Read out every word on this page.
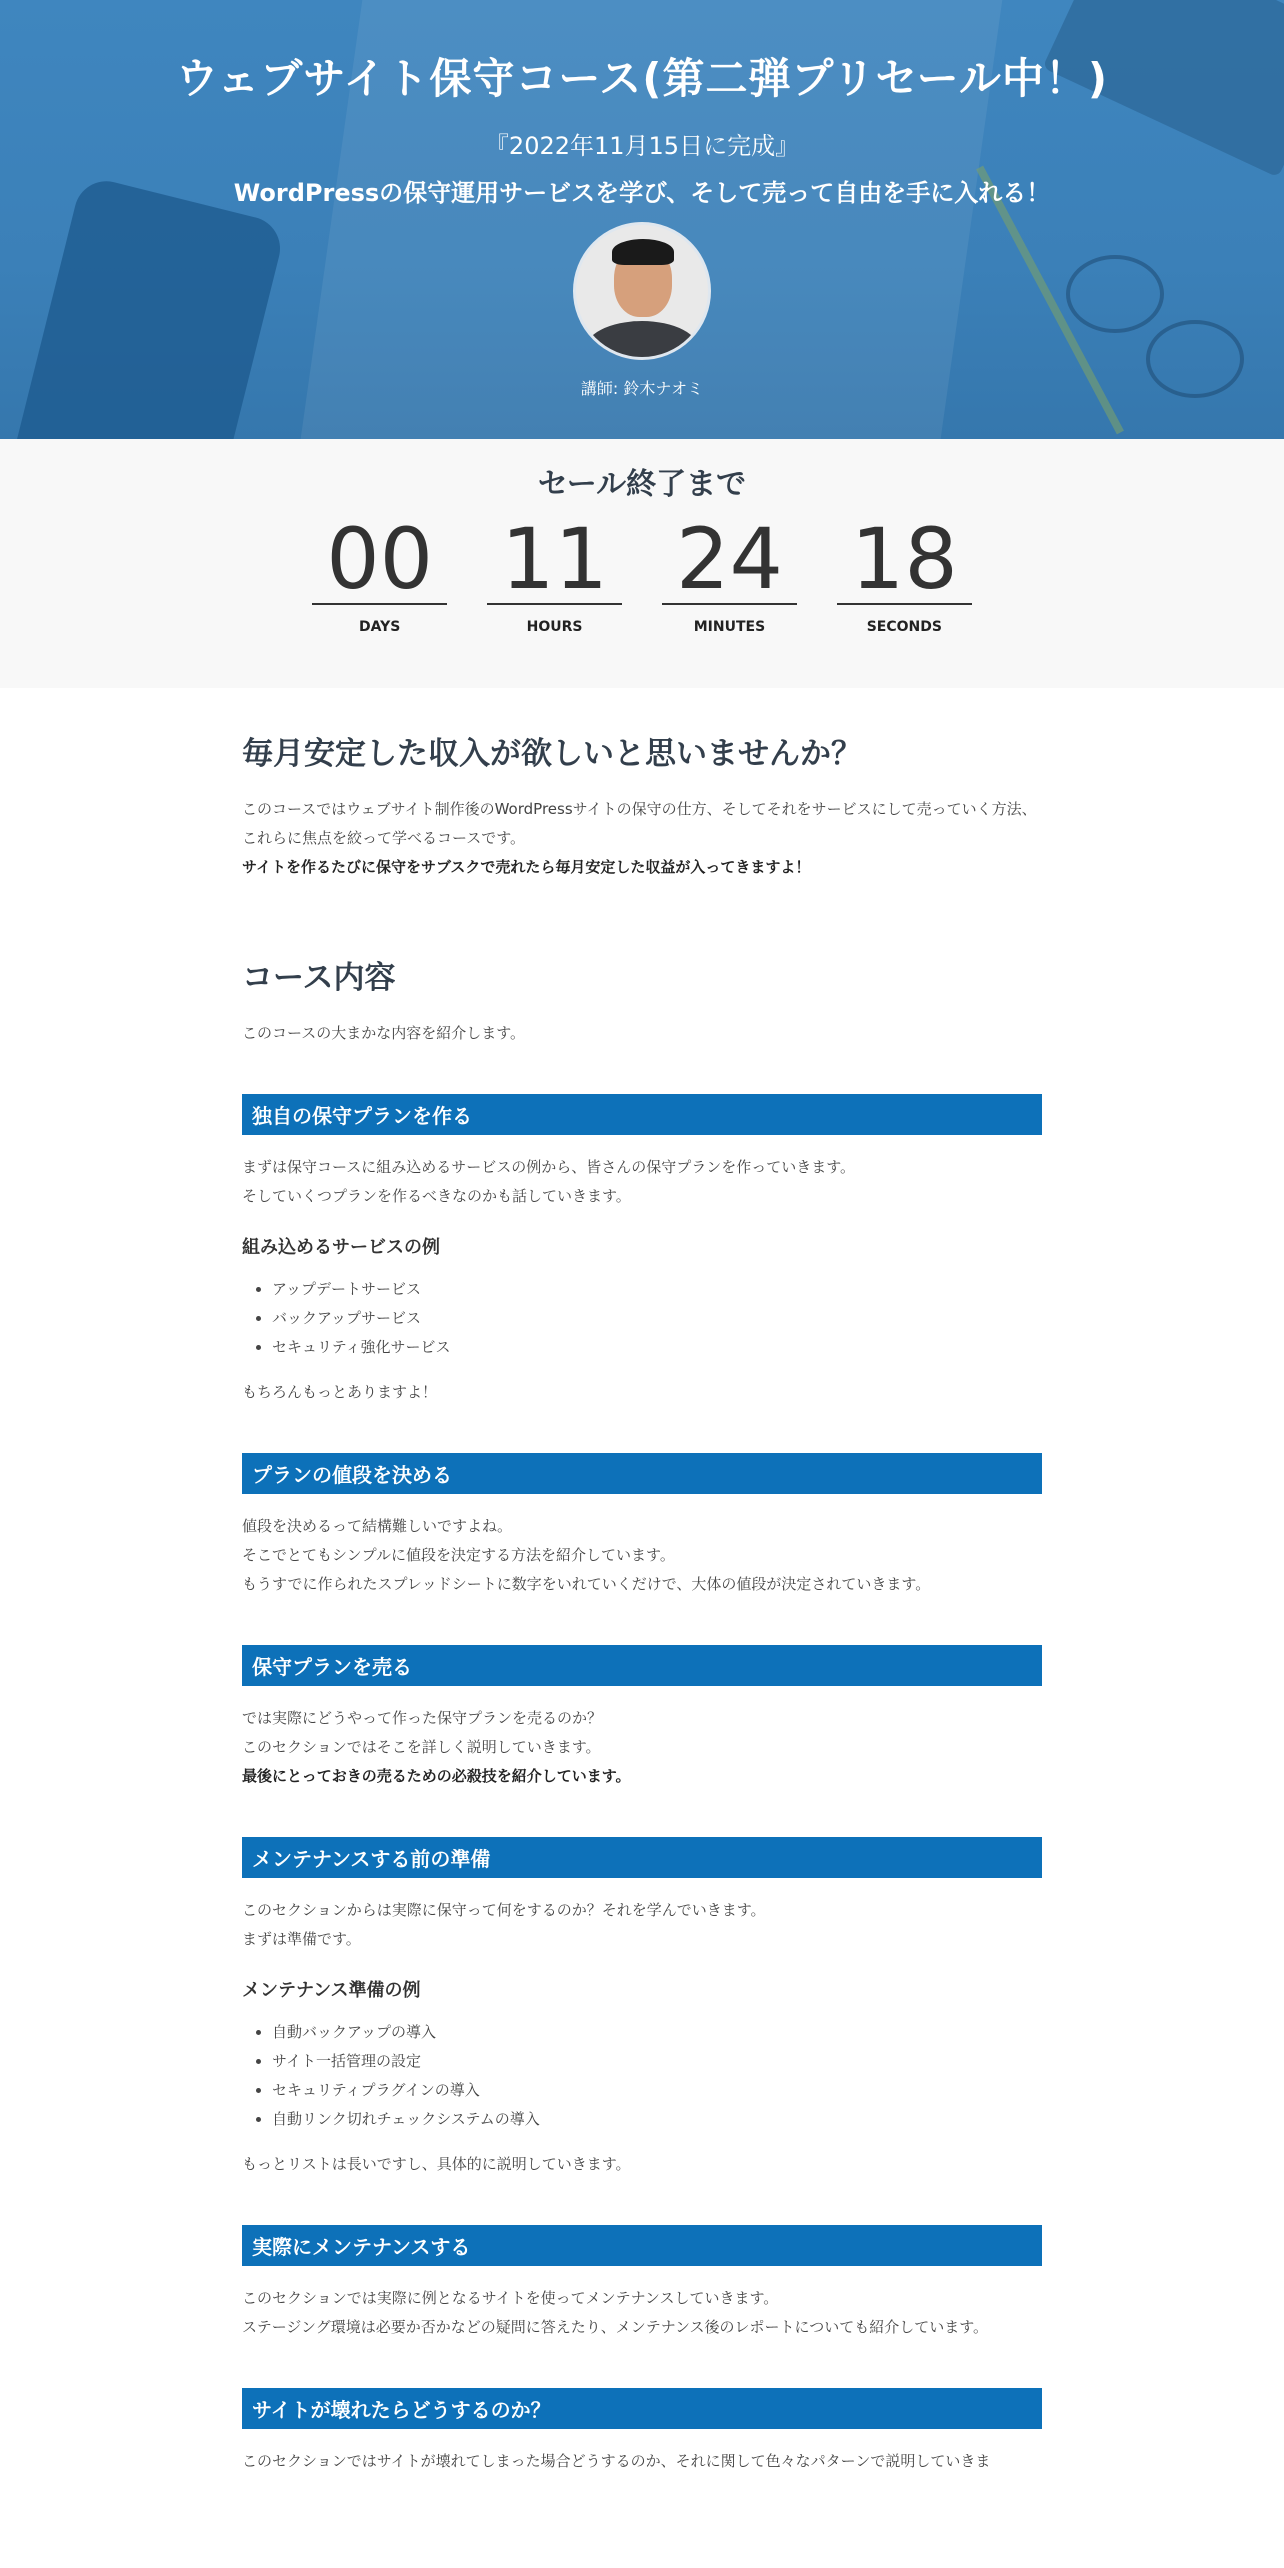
ウェブサイト保守コース(第二弾プリセール中！)
『2022年11月15日に完成』
WordPressの保守運用サービスを学び、そして売って自由を手に入れる！
講師: 鈴木ナオミ
セール終了まで
00
DAYS
11
HOURS
24
MINUTES
18
SECONDS
毎月安定した収入が欲しいと思いませんか？

このコースではウェブサイト制作後のWordPressサイトの保守の仕方、そしてそれをサービスにして売っていく方法、これらに焦点を絞って学べるコースです。

サイトを作るたびに保守をサブスクで売れたら毎月安定した収益が入ってきますよ！

コース内容

このコースの大まかな内容を紹介します。

独自の保守プランを作る

まずは保守コースに組み込めるサービスの例から、皆さんの保守プランを作っていきます。

そしていくつプランを作るべきなのかも話していきます。

組み込めるサービスの例
• アップデートサービス
• バックアップサービス
• セキュリティ強化サービス

もちろんもっとありますよ！

プランの値段を決める

値段を決めるって結構難しいですよね。

そこでとてもシンプルに値段を決定する方法を紹介しています。

もうすでに作られたスプレッドシートに数字をいれていくだけで、大体の値段が決定されていきます。

保守プランを売る

では実際にどうやって作った保守プランを売るのか？

このセクションではそこを詳しく説明していきます。

最後にとっておきの売るための必殺技を紹介しています。

メンテナンスする前の準備

このセクションからは実際に保守って何をするのか？それを学んでいきます。

まずは準備です。

メンテナンス準備の例
• 自動バックアップの導入
• サイト一括管理の設定
• セキュリティプラグインの導入
• 自動リンク切れチェックシステムの導入

もっとリストは長いですし、具体的に説明していきます。

実際にメンテナンスする

このセクションでは実際に例となるサイトを使ってメンテナンスしていきます。

ステージング環境は必要か否かなどの疑問に答えたり、メンテナンス後のレポートについても紹介しています。

サイトが壊れたらどうするのか？

このセクションではサイトが壊れてしまった場合どうするのか、それに関して色々なパターンで説明していきま
